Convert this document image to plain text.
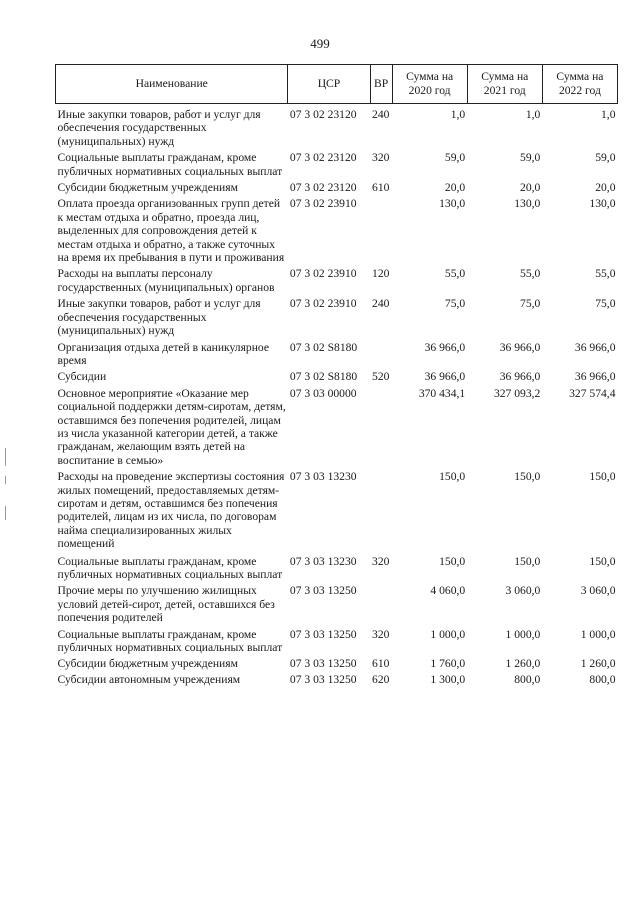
499
Наименование	ЦСР	ВР	Сумма на 2020 год	Сумма на 2021 год	Сумма на 2022 год
Иные закупки товаров, работ и услуг для обеспечения государственных (муниципальных) нужд	07 3 02 23120	240	1,0	1,0	1,0
Социальные выплаты гражданам, кроме публичных нормативных социальных выплат	07 3 02 23120	320	59,0	59,0	59,0
Субсидии бюджетным учреждениям	07 3 02 23120	610	20,0	20,0	20,0
Оплата проезда организованных групп детей к местам отдыха и обратно, проезда лиц, выделенных для сопровождения детей к местам отдыха и обратно, а также суточных на время их пребывания в пути и проживания	07 3 02 23910		130,0	130,0	130,0
Расходы на выплаты персоналу государственных (муниципальных) органов	07 3 02 23910	120	55,0	55,0	55,0
Иные закупки товаров, работ и услуг для обеспечения государственных (муниципальных) нужд	07 3 02 23910	240	75,0	75,0	75,0
Организация отдыха детей в каникулярное время	07 3 02 S8180		36 966,0	36 966,0	36 966,0
Субсидии	07 3 02 S8180	520	36 966,0	36 966,0	36 966,0
Основное мероприятие «Оказание мер социальной поддержки детям-сиротам, детям, оставшимся без попечения родителей, лицам из числа указанной категории детей, а также гражданам, желающим взять детей на воспитание в семью»	07 3 03 00000		370 434,1	327 093,2	327 574,4
Расходы на проведение экспертизы состояния жилых помещений, предоставляемых детям-сиротам и детям, оставшимся без попечения родителей, лицам из их числа, по договорам найма специализированных жилых помещений	07 3 03 13230		150,0	150,0	150,0
Социальные выплаты гражданам, кроме публичных нормативных социальных выплат	07 3 03 13230	320	150,0	150,0	150,0
Прочие меры по улучшению жилищных условий детей-сирот, детей, оставшихся без попечения родителей	07 3 03 13250		4 060,0	3 060,0	3 060,0
Социальные выплаты гражданам, кроме публичных нормативных социальных выплат	07 3 03 13250	320	1 000,0	1 000,0	1 000,0
Субсидии бюджетным учреждениям	07 3 03 13250	610	1 760,0	1 260,0	1 260,0
Субсидии автономным учреждениям	07 3 03 13250	620	1 300,0	800,0	800,0
